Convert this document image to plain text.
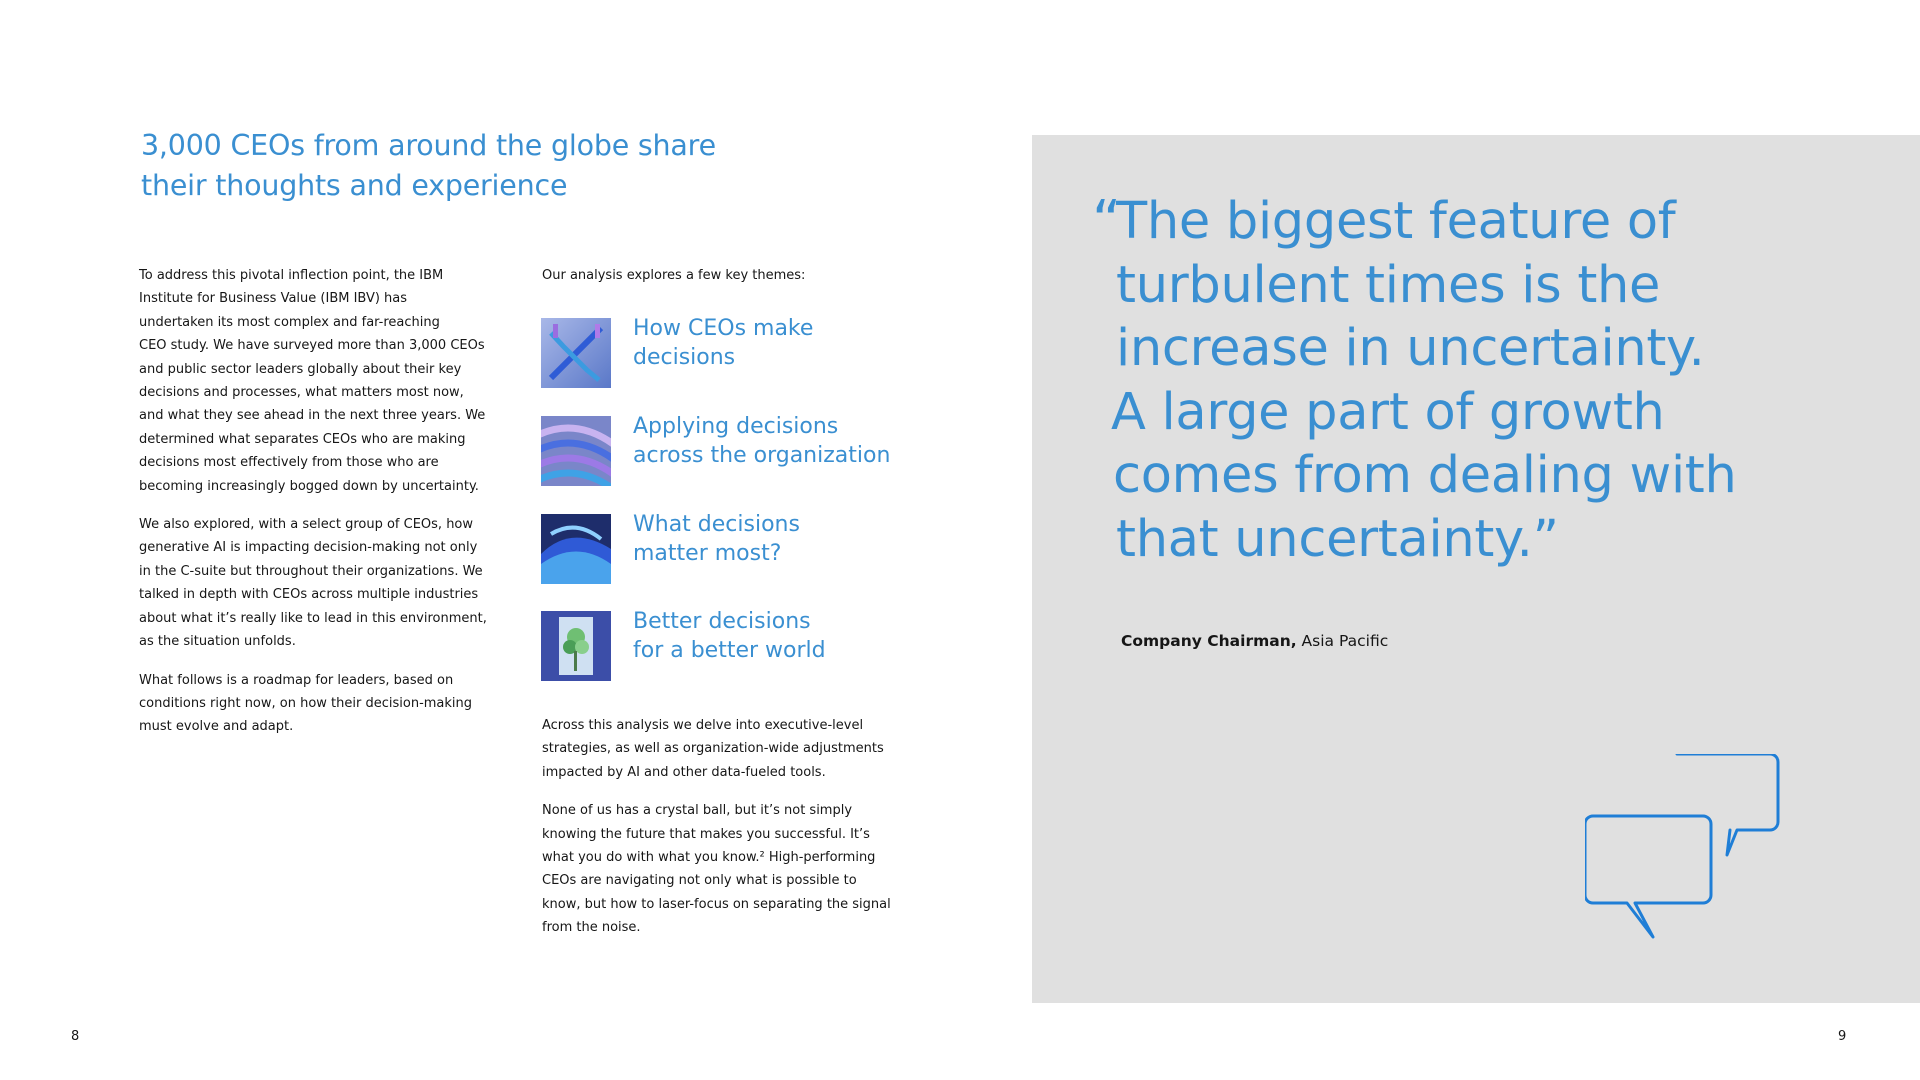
3,000 CEOs from around the globe share
their thoughts and experience

To address this pivotal inflection point, the IBM
Institute for Business Value (IBM IBV) has
undertaken its most complex and far-reaching
CEO study. We have surveyed more than 3,000 CEOs
and public sector leaders globally about their key
decisions and processes, what matters most now,
and what they see ahead in the next three years. We
determined what separates CEOs who are making
decisions most effectively from those who are
becoming increasingly bogged down by uncertainty.

We also explored, with a select group of CEOs, how
generative AI is impacting decision-making not only
in the C-suite but throughout their organizations. We
talked in depth with CEOs across multiple industries
about what it’s really like to lead in this environment,
as the situation unfolds.

What follows is a roadmap for leaders, based on
conditions right now, on how their decision-making
must evolve and adapt.

Our analysis explores a few key themes:

How CEOs make
decisions
Applying decisions
across the organization
What decisions
matter most?
Better decisions
for a better world

Across this analysis we delve into executive-level
strategies, as well as organization-wide adjustments
impacted by AI and other data-fueled tools.

None of us has a crystal ball, but it’s not simply
knowing the future that makes you successful. It’s
what you do with what you know.² High-performing
CEOs are navigating not only what is possible to
know, but how to laser-focus on separating the signal
from the noise.

“
The biggest feature of
turbulent times is the
increase in uncertainty.
A large part of growth
comes from dealing with
that uncertainty.”
Company Chairman, Asia Pacific
8	9
